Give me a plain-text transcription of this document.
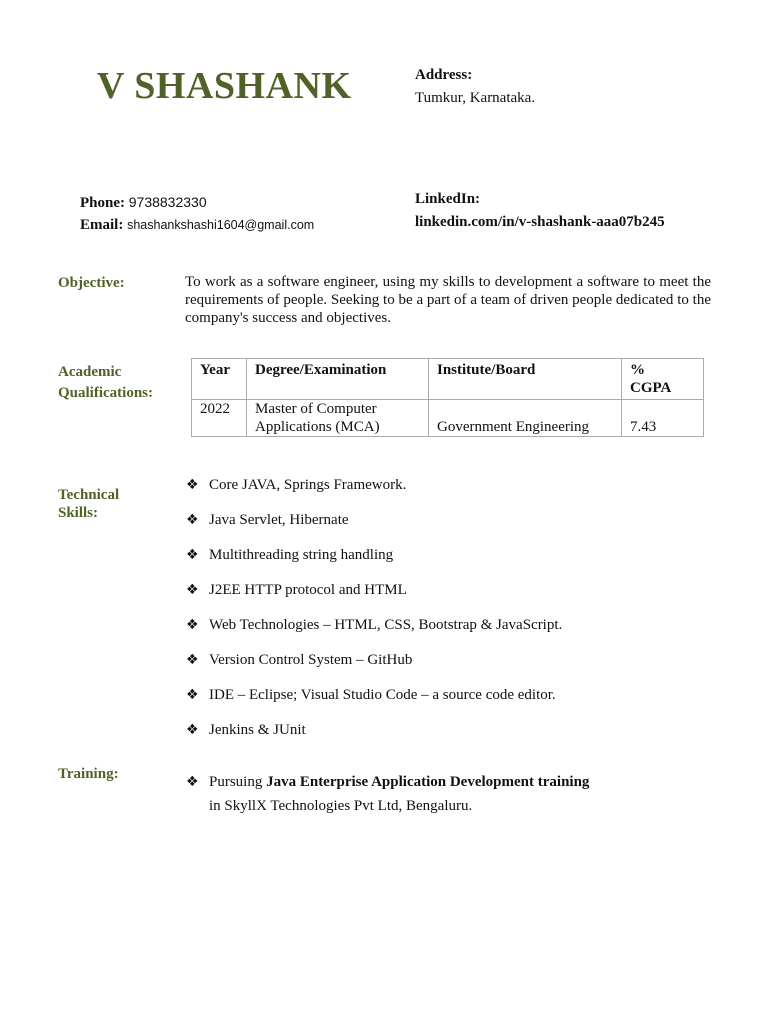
V SHASHANK	Address:
Tumkur, Karnataka.
Phone: 9738832330
Email: shashankshashi1604@gmail.com
LinkedIn:
linkedin.com/in/v-shashank-aaa07b245
Objective:	To work as a software engineer, using my skills to development a software to meet the requirements of people. Seeking to be a part of a team of driven people dedicated to the company's success and objectives.
Academic
Qualifications:
Year	Degree/Examination	Institute/Board	%
CGPA

2022	Master of Computer
Applications (MCA)	Government Engineering	7.43
Technical
Skills:
❖ Core JAVA, Springs Framework.
❖ Java Servlet, Hibernate
❖ Multithreading string handling
❖ J2EE HTTP protocol and HTML
❖ Web Technologies – HTML, CSS, Bootstrap & JavaScript.
❖ Version Control System – GitHub
❖ IDE – Eclipse; Visual Studio Code – a source code editor.
❖ Jenkins & JUnit
Training:	❖ Pursuing Java Enterprise Application Development training
in SkyllX Technologies Pvt Ltd, Bengaluru.
